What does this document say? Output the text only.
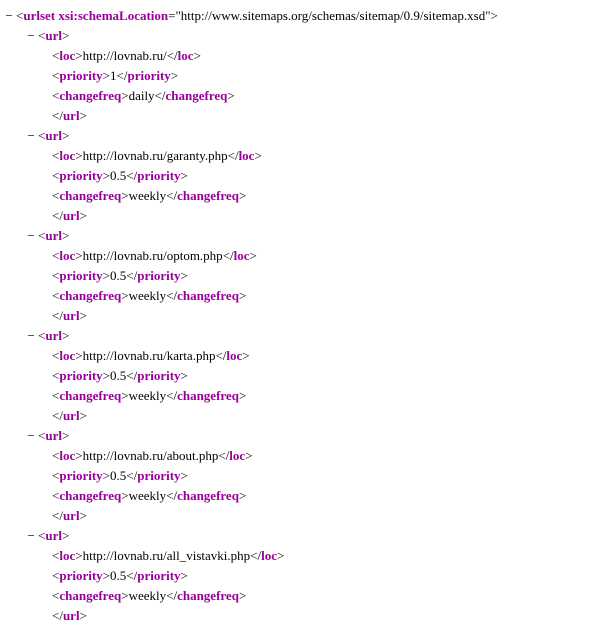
− <urlset xsi:schemaLocation="http://www.sitemaps.org/schemas/sitemap/0.9/sitemap.xsd">
− <url>
<loc>http://lovnab.ru/</loc>
<priority>1</priority>
<changefreq>daily</changefreq>
</url>
− <url>
<loc>http://lovnab.ru/garanty.php</loc>
<priority>0.5</priority>
<changefreq>weekly</changefreq>
</url>
− <url>
<loc>http://lovnab.ru/optom.php</loc>
<priority>0.5</priority>
<changefreq>weekly</changefreq>
</url>
− <url>
<loc>http://lovnab.ru/karta.php</loc>
<priority>0.5</priority>
<changefreq>weekly</changefreq>
</url>
− <url>
<loc>http://lovnab.ru/about.php</loc>
<priority>0.5</priority>
<changefreq>weekly</changefreq>
</url>
− <url>
<loc>http://lovnab.ru/all_vistavki.php</loc>
<priority>0.5</priority>
<changefreq>weekly</changefreq>
</url>
